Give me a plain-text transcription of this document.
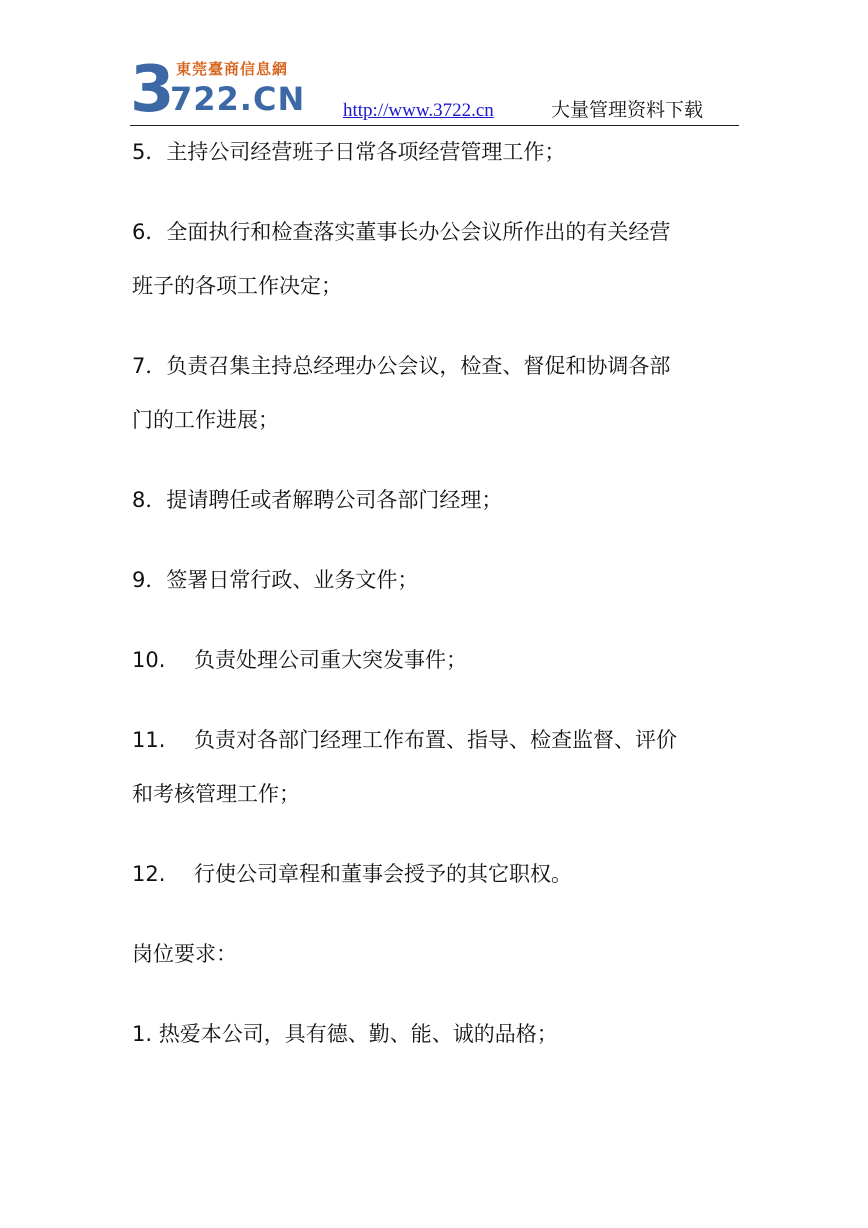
3 東莞臺商信息網
722.CN http://www.3722.cn	大量管理资料下载

5．主持公司经营班子日常各项经营管理工作；

6．全面执行和检查落实董事长办公会议所作出的有关经营
班子的各项工作决定；

7．负责召集主持总经理办公会议，检查、督促和协调各部
门的工作进展；

8．提请聘任或者解聘公司各部门经理；

9．签署日常行政、业务文件；

10. 负责处理公司重大突发事件；

11. 负责对各部门经理工作布置、指导、检查监督、评价
和考核管理工作；

12. 行使公司章程和董事会授予的其它职权。

岗位要求：

1. 热爱本公司，具有德、勤、能、诚的品格；
